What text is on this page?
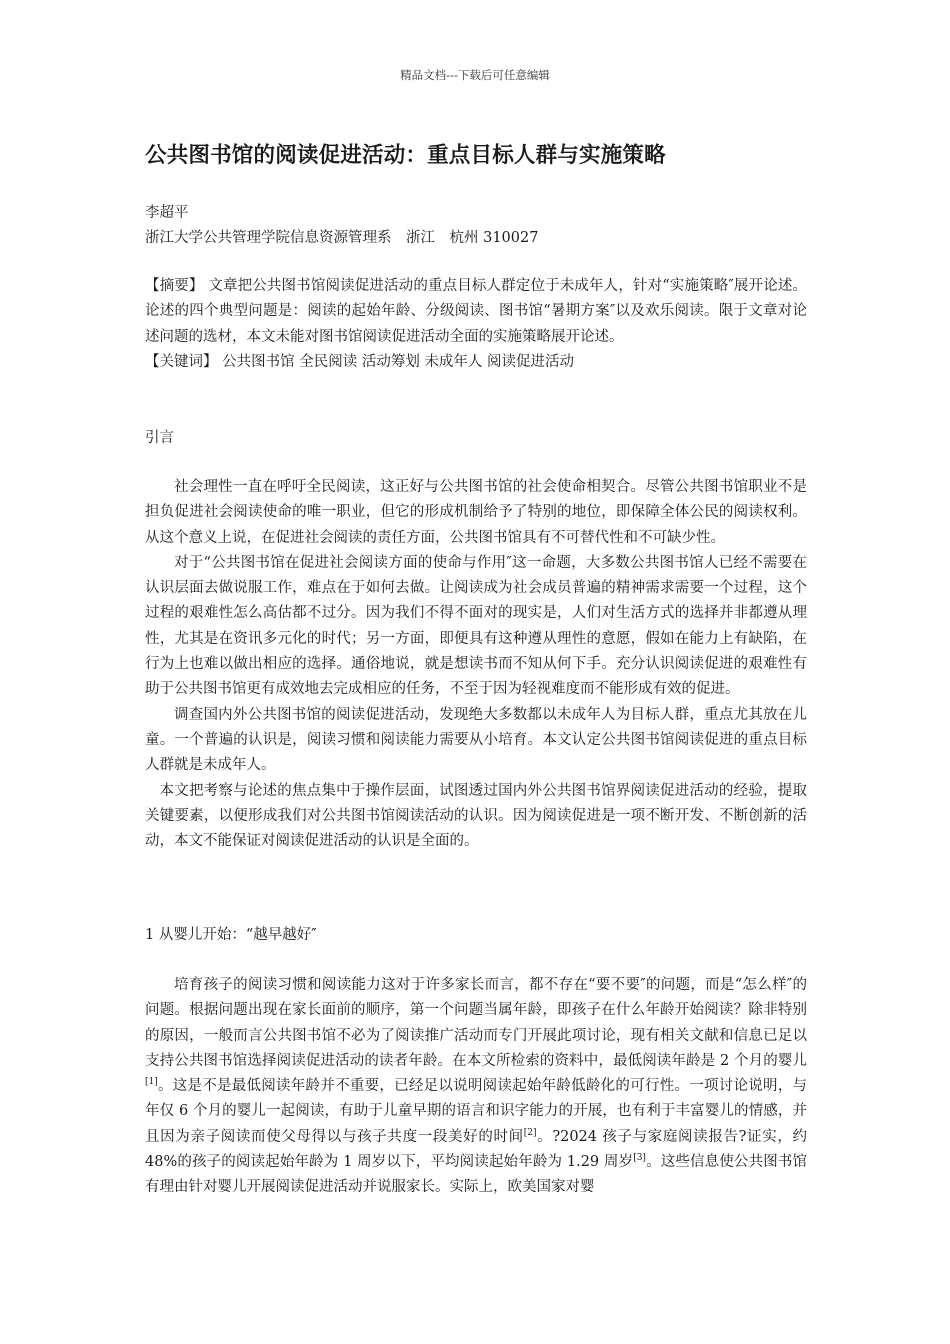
精品文档---下载后可任意编辑
公共图书馆的阅读促进活动：重点目标人群与实施策略
李超平
浙江大学公共管理学院信息资源管理系　浙江　杭州 310027

【摘要】 文章把公共图书馆阅读促进活动的重点目标人群定位于未成年人，针对“实施策略″展开论述。论述的四个典型问题是：阅读的起始年龄、分级阅读、图书馆“暑期方案″以及欢乐阅读。限于文章对论述问题的选材，本文未能对图书馆阅读促进活动全面的实施策略展开论述。

【关键词】 公共图书馆 全民阅读 活动筹划 未成年人 阅读促进活动

引言

社会理性一直在呼吁全民阅读，这正好与公共图书馆的社会使命相契合。尽管公共图书馆职业不是担负促进社会阅读使命的唯一职业，但它的形成机制给予了特别的地位，即保障全体公民的阅读权利。从这个意义上说，在促进社会阅读的责任方面，公共图书馆具有不可替代性和不可缺少性。

对于“公共图书馆在促进社会阅读方面的使命与作用″这一命题，大多数公共图书馆人已经不需要在认识层面去做说服工作，难点在于如何去做。让阅读成为社会成员普遍的精神需求需要一个过程，这个过程的艰难性怎么高估都不过分。因为我们不得不面对的现实是，人们对生活方式的选择并非都遵从理性，尤其是在资讯多元化的时代；另一方面，即便具有这种遵从理性的意愿，假如在能力上有缺陷，在行为上也难以做出相应的选择。通俗地说，就是想读书而不知从何下手。充分认识阅读促进的艰难性有助于公共图书馆更有成效地去完成相应的任务，不至于因为轻视难度而不能形成有效的促进。

调查国内外公共图书馆的阅读促进活动，发现绝大多数都以未成年人为目标人群，重点尤其放在儿童。一个普遍的认识是，阅读习惯和阅读能力需要从小培育。本文认定公共图书馆阅读促进的重点目标人群就是未成年人。

本文把考察与论述的焦点集中于操作层面，试图透过国内外公共图书馆界阅读促进活动的经验，提取关键要素，以便形成我们对公共图书馆阅读活动的认识。因为阅读促进是一项不断开发、不断创新的活动，本文不能保证对阅读促进活动的认识是全面的。

1 从婴儿开始：“越早越好″

培育孩子的阅读习惯和阅读能力这对于许多家长而言，都不存在“要不要″的问题，而是“怎么样″的问题。根据问题出现在家长面前的顺序，第一个问题当属年龄，即孩子在什么年龄开始阅读？除非特别的原因，一般而言公共图书馆不必为了阅读推广活动而专门开展此项讨论，现有相关文献和信息已足以支持公共图书馆选择阅读促进活动的读者年龄。在本文所检索的资料中，最低阅读年龄是 2 个月的婴儿[1]。这是不是最低阅读年龄并不重要，已经足以说明阅读起始年龄低龄化的可行性。一项讨论说明，与年仅 6 个月的婴儿一起阅读，有助于儿童早期的语言和识字能力的开展，也有利于丰富婴儿的情感，并且因为亲子阅读而使父母得以与孩子共度一段美好的时间[2]。?2024 孩子与家庭阅读报告?证实，约 48%的孩子的阅读起始年龄为 1 周岁以下，平均阅读起始年龄为 1.29 周岁[3]。这些信息使公共图书馆有理由针对婴儿开展阅读促进活动并说服家长。实际上，欧美国家对婴
